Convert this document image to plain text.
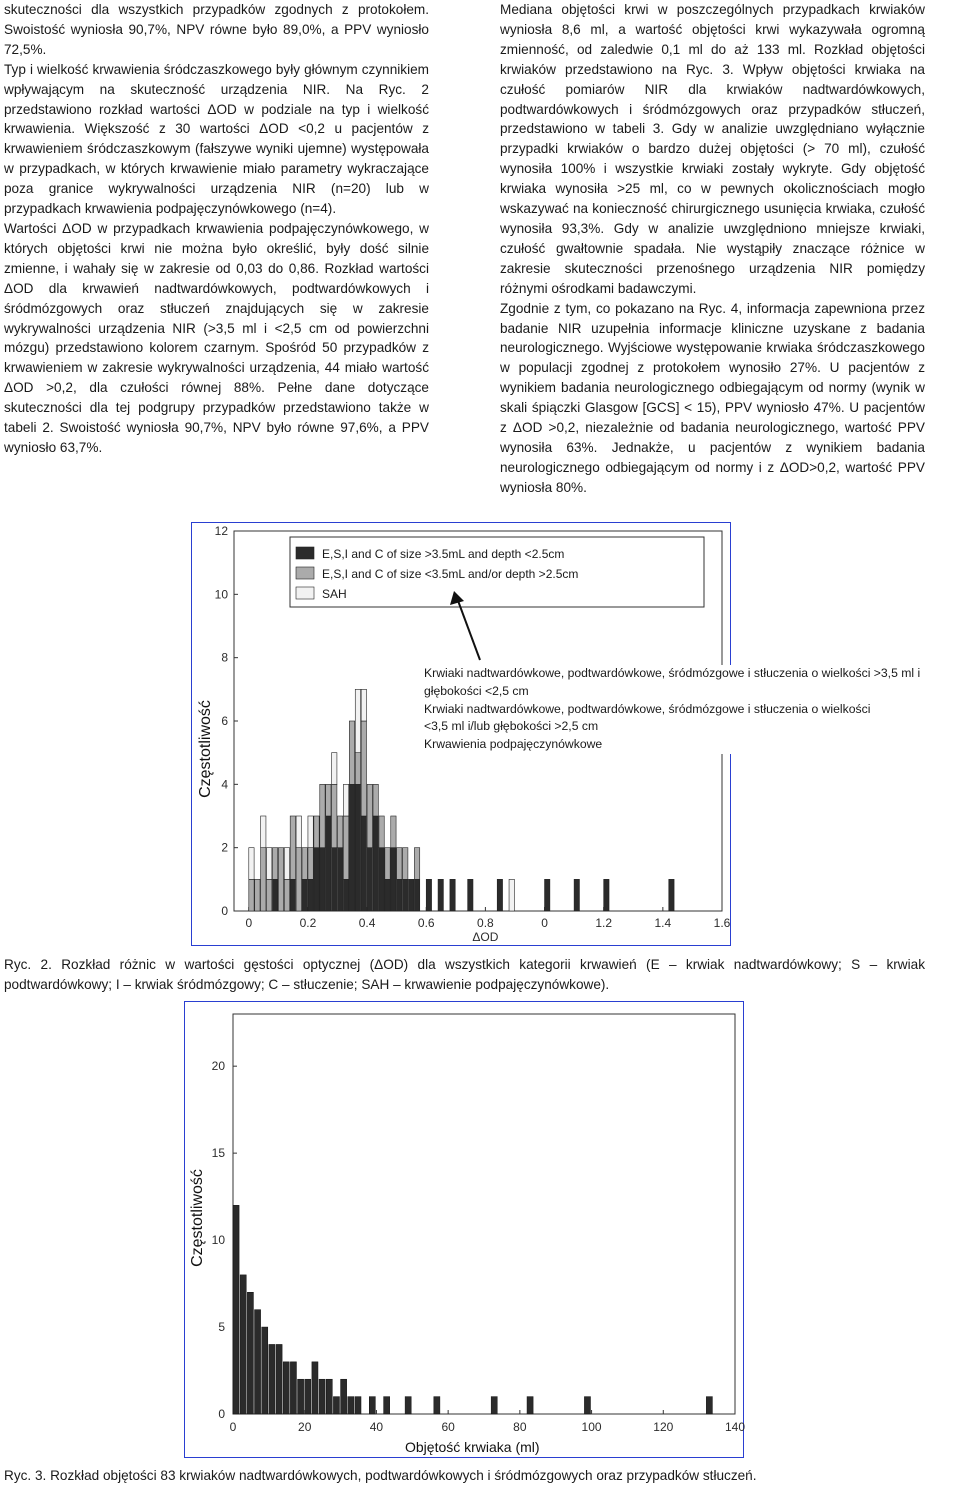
skuteczności dla wszystkich przypadków zgodnych z protokołem. Swoistość wyniosła 90,7%, NPV równe było 89,0%, a PPV wyniosło 72,5%.

Typ i wielkość krwawienia śródczaszkowego były głównym czynnikiem wpływającym na skuteczność urządzenia NIR. Na Ryc. 2 przedstawiono rozkład wartości ΔOD w podziale na typ i wielkość krwawienia. Większość z 30 wartości ΔOD <0,2 u pacjentów z krwawieniem śródczaszkowym (fałszywe wyniki ujemne) występowała w przypadkach, w których krwawienie miało parametry wykraczające poza granice wykrywalności urządzenia NIR (n=20) lub w przypadkach krwawienia podpajęczynówkowego (n=4).

Wartości ΔOD w przypadkach krwawienia podpajęczynówkowego, w których objętości krwi nie można było określić, były dość silnie zmienne, i wahały się w zakresie od 0,03 do 0,86. Rozkład wartości ΔOD dla krwawień nadtwardówkowych, podtwardówkowych i śródmózgowych oraz stłuczeń znajdujących się w zakresie wykrywalności urządzenia NIR (>3,5 ml i <2,5 cm od powierzchni mózgu) przedstawiono kolorem czarnym. Spośród 50 przypadków z krwawieniem w zakresie wykrywalności urządzenia, 44 miało wartość ΔOD >0,2, dla czułości równej 88%. Pełne dane dotyczące skuteczności dla tej podgrupy przypadków przedstawiono także w tabeli 2. Swoistość wyniosła 90,7%, NPV było równe 97,6%, a PPV wyniosło 63,7%.

Mediana objętości krwi w poszczególnych przypadkach krwiaków wyniosła 8,6 ml, a wartość objętości krwi wykazywała ogromną zmienność, od zaledwie 0,1 ml do aż 133 ml. Rozkład objętości krwiaków przedstawiono na Ryc. 3. Wpływ objętości krwiaka na czułość pomiarów NIR dla krwiaków nadtwardówkowych, podtwardówkowych i śródmózgowych oraz przypadków stłuczeń, przedstawiono w tabeli 3. Gdy w analizie uwzględniano wyłącznie przypadki krwiaków o bardzo dużej objętości (> 70 ml), czułość wynosiła 100% i wszystkie krwiaki zostały wykryte. Gdy objętość krwiaka wynosiła >25 ml, co w pewnych okolicznościach mogło wskazywać na konieczność chirurgicznego usunięcia krwiaka, czułość wynosiła 93,3%. Gdy w analizie uwzględniono mniejsze krwiaki, czułość gwałtownie spadała. Nie wystąpiły znaczące różnice w zakresie skuteczności przenośnego urządzenia NIR pomiędzy różnymi ośrodkami badawczymi.

Zgodnie z tym, co pokazano na Ryc. 4, informacja zapewniona przez badanie NIR uzupełnia informacje kliniczne uzyskane z badania neurologicznego. Wyjściowe występowanie krwiaka śródczaszkowego w populacji zgodnej z protokołem wynosiło 27%. U pacjentów z wynikiem badania neurologicznego odbiegającym od normy (wynik w skali śpiączki Glasgow [GCS] < 15), PPV wyniosło 47%. U pacjentów z ΔOD >0,2, niezależnie od badania neurologicznego, wartość PPV wynosiła 63%. Jednakże, u pacjentów z wynikiem badania neurologicznego odbiegającym od normy i z ΔOD>0,2, wartość PPV wyniosła 80%.

0
2
4
6
8
10
12
0	0.2	0.4	0.6	0.8	0	1.2	1.4	1.6
ΔOD
E,S,I and C of size >3.5mL and depth <2.5cm
E,S,I and C of size <3.5mL and/or depth >2.5cm
SAH
Częstotliwość
Krwiaki nadtwardówkowe, podtwardówkowe, śródmózgowe i stłuczenia o wielkości >3,5 ml i
głębokości <2,5 cm
Krwiaki nadtwardówkowe, podtwardówkowe, śródmózgowe i stłuczenia o wielkości
<3,5 ml i/lub głębokości >2,5 cm
Krwawienia podpajęczynówkowe
Ryc. 2. Rozkład różnic w wartości gęstości optycznej (ΔOD) dla wszystkich kategorii krwawień (E – krwiak nadtwardówkowy; S – krwiak podtwardówkowy; I – krwiak śródmózgowy; C – stłuczenie; SAH – krwawienie podpajęczynówkowe).
0
5
10
15
20
0	20	40	60	80	100	120	140
Częstotliwość
Objętość krwiaka (ml)
Ryc. 3. Rozkład objętości 83 krwiaków nadtwardówkowych, podtwardówkowych i śródmózgowych oraz przypadków stłuczeń.
